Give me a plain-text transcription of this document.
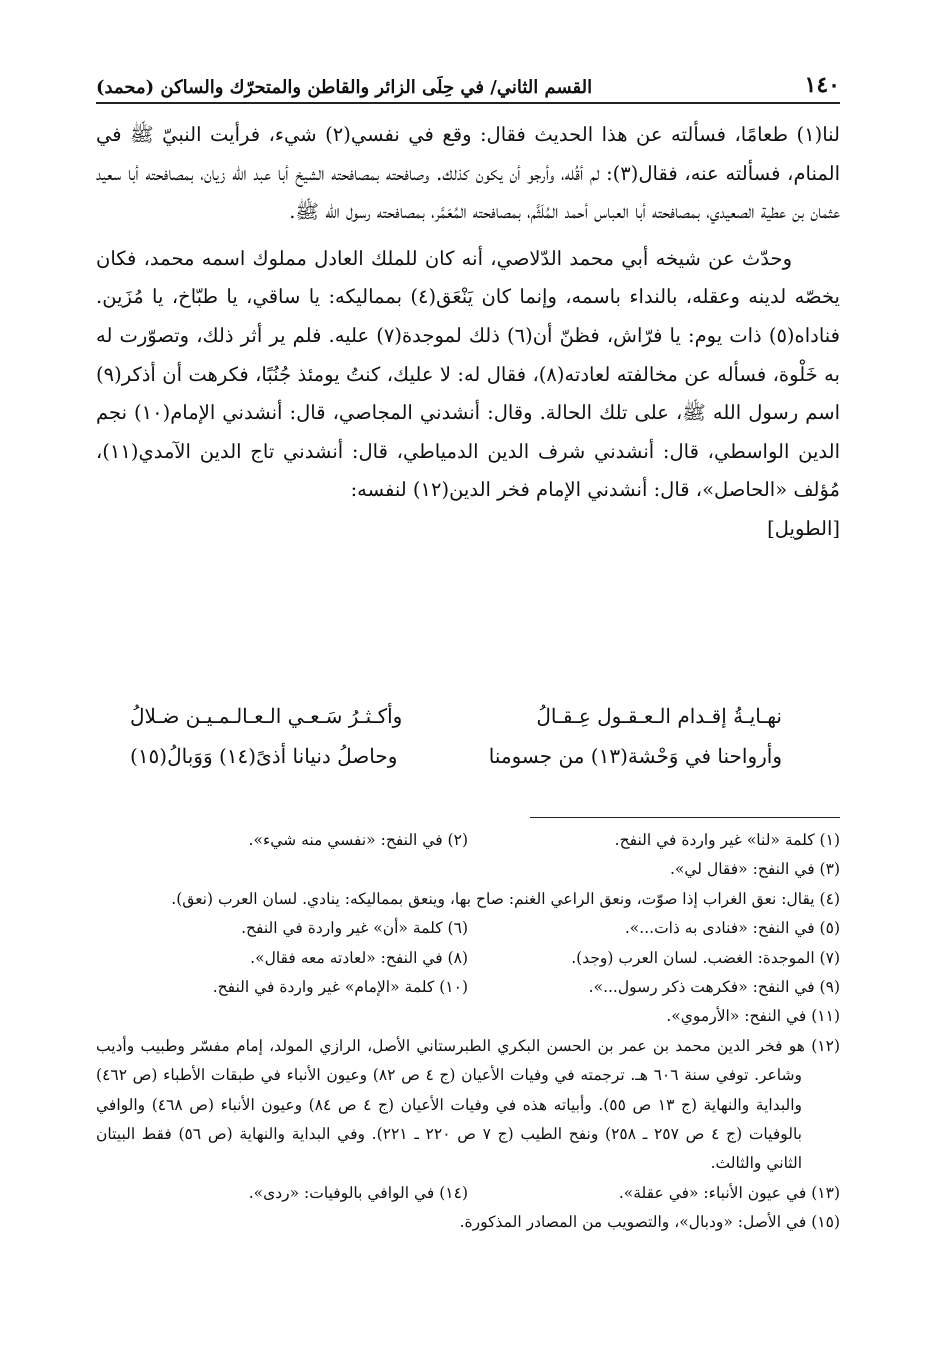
١٤٠
القسم الثاني/ في حِلَى الزائر والقاطن والمتحرّك والساكن (محمد)

لنا(١) طعامًا، فسألته عن هذا الحديث فقال: وقع في نفسي(٢) شيء، فرأيت النبيّ ﷺ في المنام، فسألته عنه، فقال(٣): لم أقُله، وأرجو أن يكون كذلك. وصافحته بمصافحته الشيخ أبا عبد الله زيان، بمصافحته أبا سعيد عثمان بن عطية الصعيدي، بمصافحته أبا العباس أحمد المُلَثَّم، بمصافحته المُعَمَّر، بمصافحته رسول الله ﷺ.

وحدّث عن شيخه أبي محمد الدّلاصي، أنه كان للملك العادل مملوك اسمه محمد، فكان يخصّه لدينه وعقله، بالنداء باسمه، وإنما كان يَنْعَق(٤) بمماليكه: يا ساقي، يا طبّاخ، يا مُزَين. فناداه(٥) ذات يوم: يا فرّاش، فظنّ أن(٦) ذلك لموجدة(٧) عليه. فلم ير أثر ذلك، وتصوّرت له به خَلْوة، فسأله عن مخالفته لعادته(٨)، فقال له: لا عليك، كنتُ يومئذ جُنُبًا، فكرهت أن أذكر(٩) اسم رسول الله ﷺ، على تلك الحالة. وقال: أنشدني المجاصي، قال: أنشدني الإمام(١٠) نجم الدين الواسطي، قال: أنشدني شرف الدين الدمياطي، قال: أنشدني تاج الدين الآمدي(١١)، مُؤلف «الحاصل»، قال: أنشدني الإمام فخر الدين(١٢) لنفسه:

[الطويل]
نهـايـةُ إقـدام الـعـقـول عِـقـالُ
وأكـثـرُ سَـعـي الـعـالـمـيـن ضـلالُ
وأرواحنا في وَحْشة(١٣) من جسومنا
وحاصلُ دنيانا أذىً(١٤) وَوَبالُ(١٥)
(١) كلمة «لنا» غير واردة في النفح.
(٢) في النفح: «نفسي منه شيء».
(٣) في النفح: «فقال لي».
(٤) يقال: نعق الغراب إذا صوّت، ونعق الراعي الغنم: صاح بها، وينعق بمماليكه: ينادي. لسان العرب (نعق).
(٥) في النفح: «فنادى به ذات...».
(٦) كلمة «أن» غير واردة في النفح.
(٧) الموجدة: الغضب. لسان العرب (وجد).
(٨) في النفح: «لعادته معه فقال».
(٩) في النفح: «فكرهت ذكر رسول...».
(١٠) كلمة «الإمام» غير واردة في النفح.
(١١) في النفح: «الأرموي».
(١٢) هو فخر الدين محمد بن عمر بن الحسن البكري الطبرستاني الأصل، الرازي المولد، إمام مفسّر وطبيب وأديب وشاعر. توفي سنة ٦٠٦ هـ. ترجمته في وفيات الأعيان (ج ٤ ص ٨٢) وعيون الأنباء في طبقات الأطباء (ص ٤٦٢) والبداية والنهاية (ج ١٣ ص ٥٥). وأبياته هذه في وفيات الأعيان (ج ٤ ص ٨٤) وعيون الأنباء (ص ٤٦٨) والوافي بالوفيات (ج ٤ ص ٢٥٧ ـ ٢٥٨) ونفح الطيب (ج ٧ ص ٢٢٠ ـ ٢٢١). وفي البداية والنهاية (ص ٥٦) فقط البيتان الثاني والثالث.
(١٣) في عيون الأنباء: «في عقلة».
(١٤) في الوافي بالوفيات: «ردى».
(١٥) في الأصل: «ودبال»، والتصويب من المصادر المذكورة.
